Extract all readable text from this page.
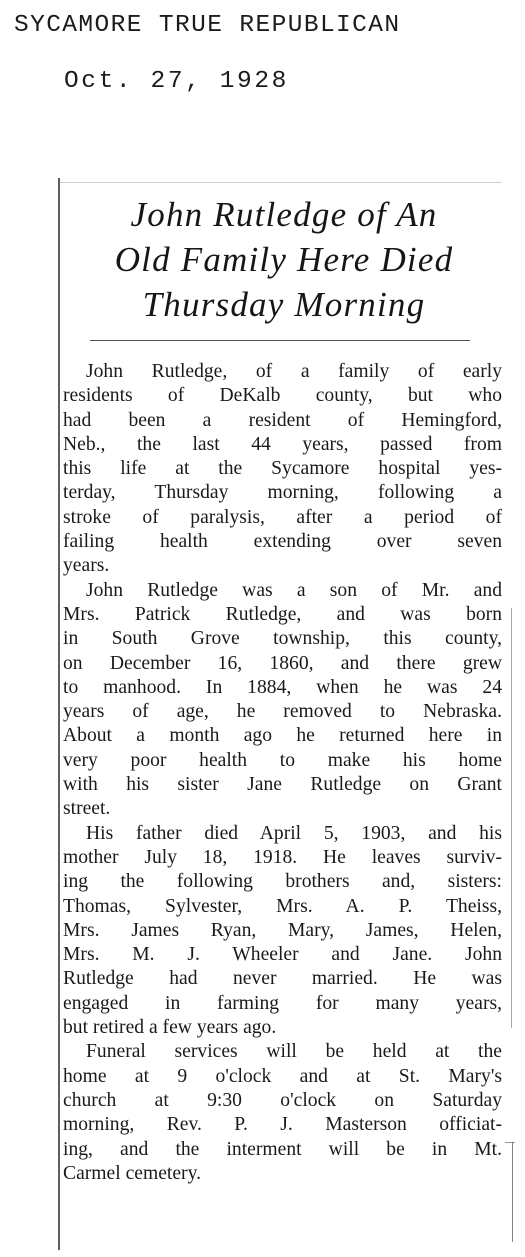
SYCAMORE TRUE REPUBLICAN
Oct. 27, 1928
John Rutledge of An
Old Family Here Died
Thursday Morning
John Rutledge, of a family of early
residents of DeKalb county, but who
had been a resident of Hemingford,
Neb., the last 44 years, passed from
this life at the Sycamore hospital yes-
terday, Thursday morning, following a
stroke of paralysis, after a period of
failing health extending over seven
years.
John Rutledge was a son of Mr. and
Mrs. Patrick Rutledge, and was born
in South Grove township, this county,
on December 16, 1860, and there grew
to manhood. In 1884, when he was 24
years of age, he removed to Nebraska.
About a month ago he returned here in
very poor health to make his home
with his sister Jane Rutledge on Grant
street.
His father died April 5, 1903, and his
mother July 18, 1918. He leaves surviv-
ing the following brothers and, sisters:
Thomas, Sylvester, Mrs. A. P. Theiss,
Mrs. James Ryan, Mary, James, Helen,
Mrs. M. J. Wheeler and Jane. John
Rutledge had never married. He was
engaged in farming for many years,
but retired a few years ago.
Funeral services will be held at the
home at 9 o'clock and at St. Mary's
church at 9:30 o'clock on Saturday
morning, Rev. P. J. Masterson officiat-
ing, and the interment will be in Mt.
Carmel cemetery.
